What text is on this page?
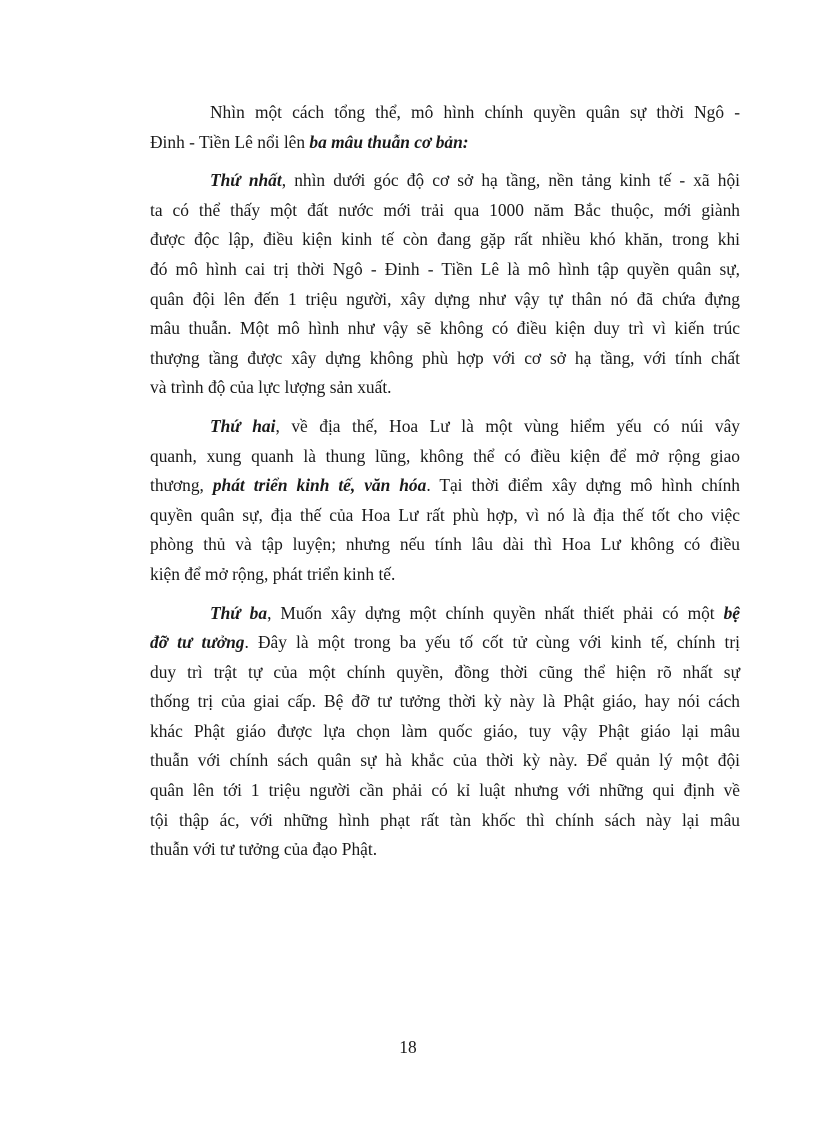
Nhìn một cách tổng thể, mô hình chính quyền quân sự thời Ngô -
Đinh - Tiền Lê nổi lên ba mâu thuẫn cơ bản:
Thứ nhất, nhìn dưới góc độ cơ sở hạ tầng, nền tảng kinh tế - xã hội
ta có thể thấy một đất nước mới trải qua 1000 năm Bắc thuộc, mới giành
được độc lập, điều kiện kinh tế còn đang gặp rất nhiều khó khăn, trong khi
đó mô hình cai trị thời Ngô - Đinh - Tiền Lê là mô hình tập quyền quân sự,
quân đội lên đến 1 triệu người, xây dựng như vậy tự thân nó đã chứa đựng
mâu thuẫn. Một mô hình như vậy sẽ không có điều kiện duy trì vì kiến trúc
thượng tầng được xây dựng không phù hợp với cơ sở hạ tầng, với tính chất
và trình độ của lực lượng sản xuất.
Thứ hai, về địa thế, Hoa Lư là một vùng hiểm yếu có núi vây
quanh, xung quanh là thung lũng, không thể có điều kiện để mở rộng giao
thương, phát triển kinh tế, văn hóa. Tại thời điểm xây dựng mô hình chính
quyền quân sự, địa thế của Hoa Lư rất phù hợp, vì nó là địa thế tốt cho việc
phòng thủ và tập luyện; nhưng nếu tính lâu dài thì Hoa Lư không có điều
kiện để mở rộng, phát triển kinh tế.
Thứ ba, Muốn xây dựng một chính quyền nhất thiết phải có một bệ
đỡ tư tưởng. Đây là một trong ba yếu tố cốt tử cùng với kinh tế, chính trị
duy trì trật tự của một chính quyền, đồng thời cũng thể hiện rõ nhất sự
thống trị của giai cấp. Bệ đỡ tư tưởng thời kỳ này là Phật giáo, hay nói cách
khác Phật giáo được lựa chọn làm quốc giáo, tuy vậy Phật giáo lại mâu
thuẫn với chính sách quân sự hà khắc của thời kỳ này. Để quản lý một đội
quân lên tới 1 triệu người cần phải có kỉ luật nhưng với những qui định về
tội thập ác, với những hình phạt rất tàn khốc thì chính sách này lại mâu
thuẫn với tư tưởng của đạo Phật.
18
